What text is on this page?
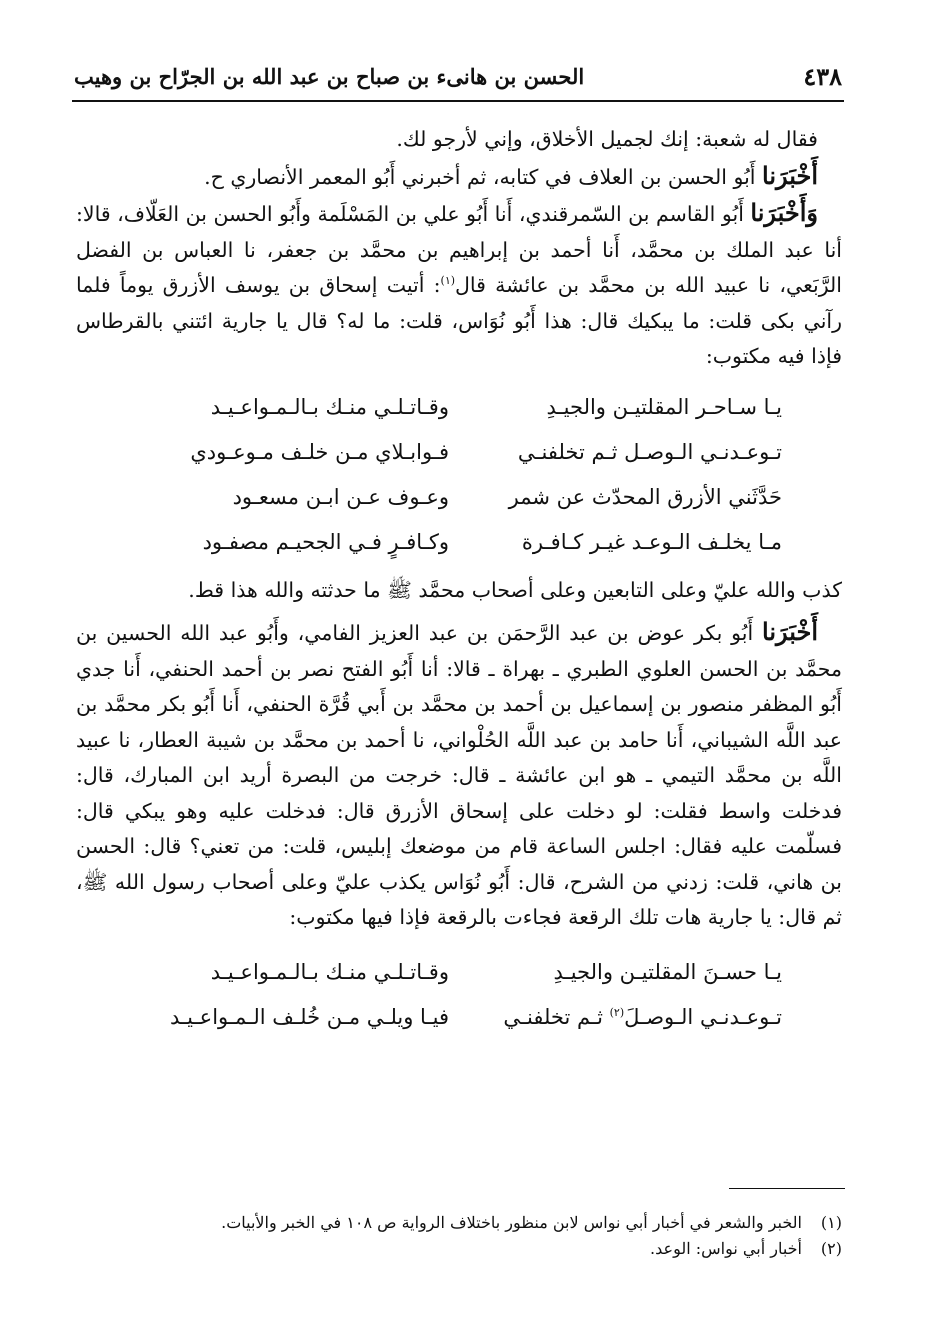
٤٣٨
الحسن بن هانىء بن صباح بن عبد الله بن الجرّاح بن وهيب

فقال له شعبة: إنك لجميل الأخلاق، وإني لأرجو لك.

أَخْبَرَنا أَبُو الحسن بن العلاف في كتابه، ثم أخبرني أَبُو المعمر الأنصاري ح.

وَأَخْبَرَنا أَبُو القاسم بن السّمرقندي، أَنا أَبُو علي بن المَسْلَمة وأَبُو الحسن بن العَلّاف، قالا: أنا عبد الملك بن محمَّد، أَنا أحمد بن إبراهيم بن محمَّد بن جعفر، نا العباس بن الفضل الرَّبَعي، نا عبيد الله بن محمَّد بن عائشة قال$^{(١)}$: أتيت إسحاق بن يوسف الأزرق يوماً فلما رآني بكى قلت: ما يبكيك قال: هذا أَبُو نُوَاس، قلت: ما له؟ قال يا جارية ائتني بالقرطاس فإذا فيه مكتوب:

يـا سـاحـر المقلتيـن والجيـدِ
وقـاتـلـي منـك بـالـمـواعـيـد
تـوعـدنـي الـوصـل ثـم تخلفنـي
فـوابـلاي مـن خلـف مـوعـودي
حَدَّثَني الأزرق المحدّث عن شمر
وعـوف عـن ابـن مسعـود
مـا يخلـف الـوعـد غيـر كـافـرة
وكـافـرٍ فـي الجحيـم مصفـود

كذب والله عليّ وعلى التابعين وعلى أصحاب محمَّد ﷺ ما حدثته والله هذا قط.

أَخْبَرَنا أَبُو بكر عوض بن عبد الرَّحمَن بن عبد العزيز الفامي، وأَبُو عبد الله الحسين بن محمَّد بن الحسن العلوي الطبري ـ بهراة ـ قالا: أنا أَبُو الفتح نصر بن أحمد الحنفي، أَنا جدي أَبُو المظفر منصور بن إسماعيل بن أحمد بن محمَّد بن أَبي قُرَّة الحنفي، أَنا أَبُو بكر محمَّد بن عبد اللَّه الشيباني، أَنا حامد بن عبد اللَّه الحُلْواني، نا أحمد بن محمَّد بن شيبة العطار، نا عبيد اللَّه بن محمَّد التيمي ـ هو ابن عائشة ـ قال: خرجت من البصرة أريد ابن المبارك، قال: فدخلت واسط فقلت: لو دخلت على إسحاق الأزرق قال: فدخلت عليه وهو يبكي قال: فسلّمت عليه فقال: اجلس الساعة قام من موضعك إبليس، قلت: من تعني؟ قال: الحسن بن هاني، قلت: زدني من الشرح، قال: أَبُو نُوَاس يكذب عليّ وعلى أصحاب رسول الله ﷺ، ثم قال: يا جارية هات تلك الرقعة فجاءت بالرقعة فإذا فيها مكتوب:

يـا حسـنَ المقلتيـن والجيـدِ
وقـاتـلـي منـك بـالـمـواعـيـد
تـوعـدنـي الـوصـلَ$^{(٢)}$ ثـم تخلفنـي
فيـا ويلـي مـن خُلـف الـمـواعـيـد
(١)
الخبر والشعر في أخبار أبي نواس لابن منظور باختلاف الرواية ص ١٠٨ في الخبر والأبيات.
(٢)
أخبار أبي نواس: الوعد.
